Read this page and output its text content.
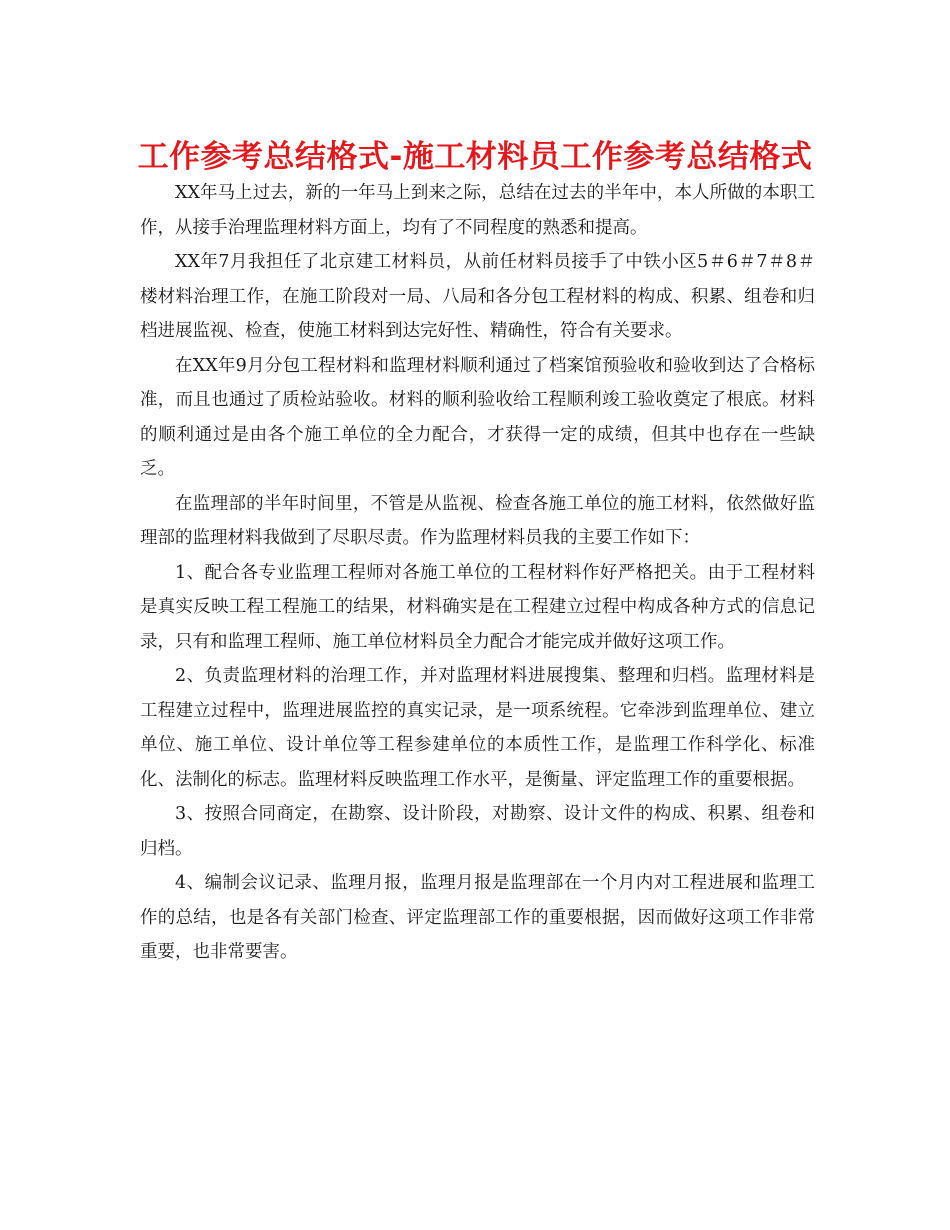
工作参考总结格式-施工材料员工作参考总结格式

XX年马上过去，新的一年马上到来之际，总结在过去的半年中，本人所做的本职工作，从接手治理监理材料方面上，均有了不同程度的熟悉和提高。

XX年7月我担任了北京建工材料员，从前任材料员接手了中铁小区5＃6＃7＃8＃楼材料治理工作，在施工阶段对一局、八局和各分包工程材料的构成、积累、组卷和归档进展监视、检查，使施工材料到达完好性、精确性，符合有关要求。

在XX年9月分包工程材料和监理材料顺利通过了档案馆预验收和验收到达了合格标准，而且也通过了质检站验收。材料的顺利验收给工程顺利竣工验收奠定了根底。材料的顺利通过是由各个施工单位的全力配合，才获得一定的成绩，但其中也存在一些缺乏。

在监理部的半年时间里，不管是从监视、检查各施工单位的施工材料，依然做好监理部的监理材料我做到了尽职尽责。作为监理材料员我的主要工作如下：

1、配合各专业监理工程师对各施工单位的工程材料作好严格把关。由于工程材料是真实反映工程工程施工的结果，材料确实是在工程建立过程中构成各种方式的信息记录，只有和监理工程师、施工单位材料员全力配合才能完成并做好这项工作。

2、负责监理材料的治理工作，并对监理材料进展搜集、整理和归档。监理材料是工程建立过程中，监理进展监控的真实记录，是一项系统程。它牵涉到监理单位、建立单位、施工单位、设计单位等工程参建单位的本质性工作，是监理工作科学化、标准化、法制化的标志。监理材料反映监理工作水平，是衡量、评定监理工作的重要根据。

3、按照合同商定，在勘察、设计阶段，对勘察、设计文件的构成、积累、组卷和归档。

4、编制会议记录、监理月报，监理月报是监理部在一个月内对工程进展和监理工作的总结，也是各有关部门检查、评定监理部工作的重要根据，因而做好这项工作非常重要，也非常要害。
